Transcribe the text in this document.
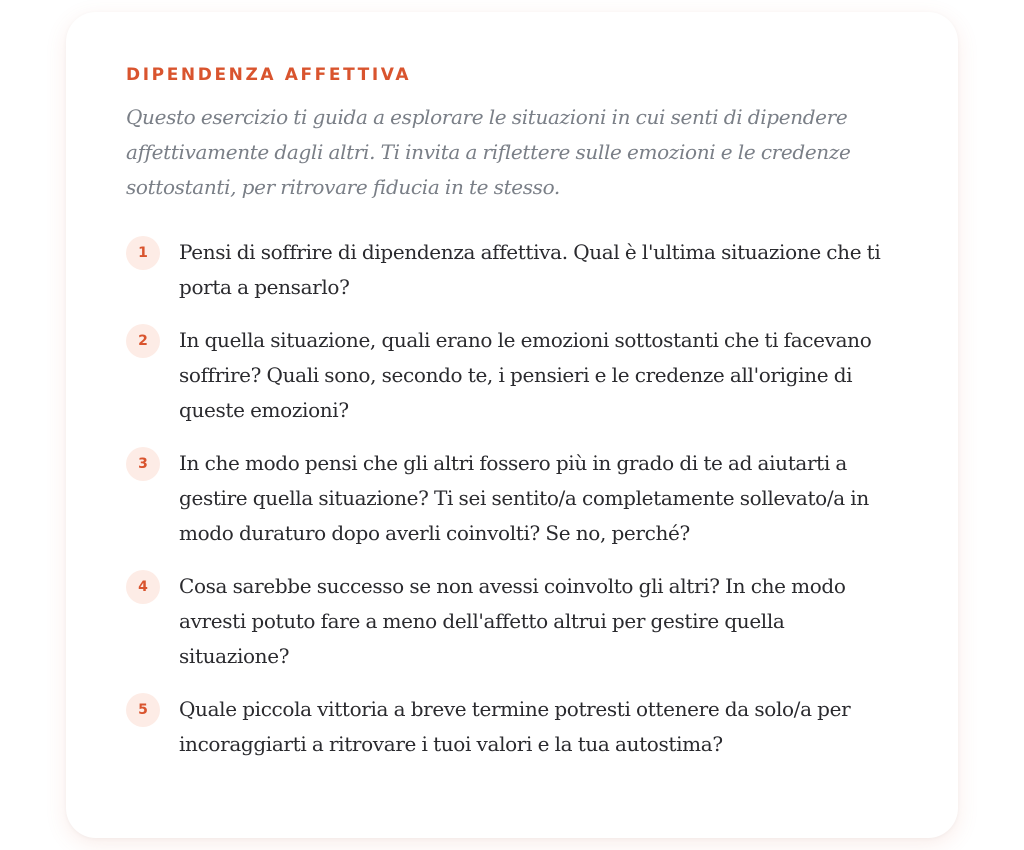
DIPENDENZA AFFETTIVA

Questo esercizio ti guida a esplorare le situazioni in cui senti di dipendere affettivamente dagli altri. Ti invita a riflettere sulle emozioni e le credenze sottostanti, per ritrovare fiducia in te stesso.

1	Pensi di soffrire di dipendenza affettiva. Qual è l'ultima situazione che ti porta a pensarlo?
2	In quella situazione, quali erano le emozioni sottostanti che ti facevano soffrire? Quali sono, secondo te, i pensieri e le credenze all'origine di queste emozioni?
3	In che modo pensi che gli altri fossero più in grado di te ad aiutarti a gestire quella situazione? Ti sei sentito/a completamente sollevato/a in modo duraturo dopo averli coinvolti? Se no, perché?
4	Cosa sarebbe successo se non avessi coinvolto gli altri? In che modo avresti potuto fare a meno dell'affetto altrui per gestire quella situazione?
5	Quale piccola vittoria a breve termine potresti ottenere da solo/a per incoraggiarti a ritrovare i tuoi valori e la tua autostima?
